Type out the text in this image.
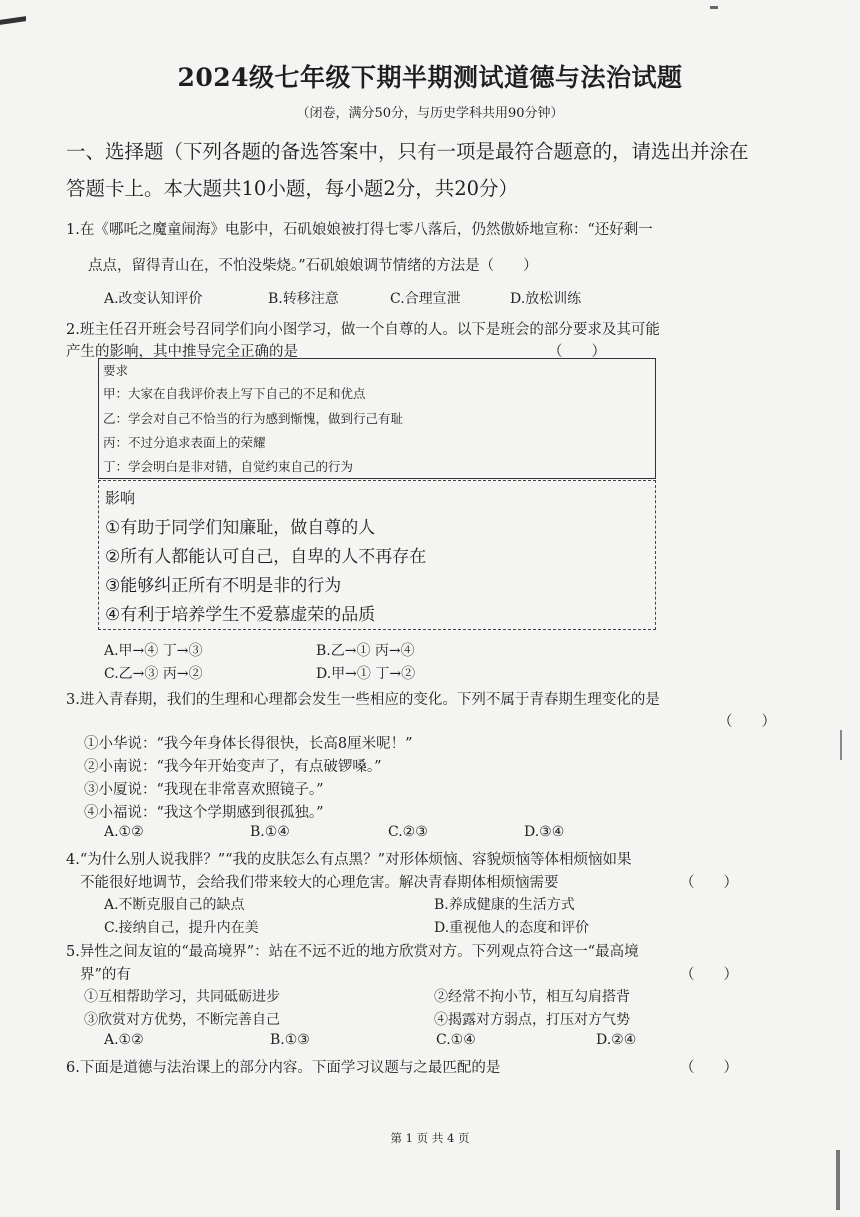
2024级七年级下期半期测试道德与法治试题
（闭卷，满分50分，与历史学科共用90分钟）
一、选择题（下列各题的备选答案中，只有一项是最符合题意的，请选出并涂在
答题卡上。本大题共10小题，每小题2分，共20分）
1.在《哪吒之魔童闹海》电影中，石矶娘娘被打得七零八落后，仍然傲娇地宣称：“还好剩一
点点，留得青山在，不怕没柴烧。”石矶娘娘调节情绪的方法是（　　）
A.改变认知评价	B.转移注意	C.合理宣泄	D.放松训练
2.班主任召开班会号召同学们向小图学习，做一个自尊的人。以下是班会的部分要求及其可能
产生的影响，其中推导完全正确的是	（　　）
要求
甲：大家在自我评价表上写下自己的不足和优点
乙：学会对自己不恰当的行为感到惭愧，做到行己有耻
丙：不过分追求表面上的荣耀
丁：学会明白是非对错，自觉约束自己的行为
影响
①有助于同学们知廉耻，做自尊的人
②所有人都能认可自己，自卑的人不再存在
③能够纠正所有不明是非的行为
④有利于培养学生不爱慕虚荣的品质
A.甲→④ 丁→③	B.乙→① 丙→④
C.乙→③ 丙→②	D.甲→① 丁→②
3.进入青春期，我们的生理和心理都会发生一些相应的变化。下列不属于青春期生理变化的是
（　　）
①小华说：“我今年身体长得很快，长高8厘米呢！”
②小南说：“我今年开始变声了，有点破锣嗓。”
③小厦说：“我现在非常喜欢照镜子。”
④小福说：“我这个学期感到很孤独。”
A.①②	B.①④	C.②③	D.③④
4.“为什么别人说我胖？”“我的皮肤怎么有点黑？”对形体烦恼、容貌烦恼等体相烦恼如果
不能很好地调节，会给我们带来较大的心理危害。解决青春期体相烦恼需要	（　　）
A.不断克服自己的缺点	B.养成健康的生活方式
C.接纳自己，提升内在美	D.重视他人的态度和评价
5.异性之间友谊的“最高境界”：站在不远不近的地方欣赏对方。下列观点符合这一“最高境
界”的有	（　　）
①互相帮助学习，共同砥砺进步	②经常不拘小节，相互勾肩搭背
③欣赏对方优势，不断完善自己	④揭露对方弱点，打压对方气势
A.①②	B.①③	C.①④	D.②④
6.下面是道德与法治课上的部分内容。下面学习议题与之最匹配的是	（　　）
第 1 页 共 4 页
